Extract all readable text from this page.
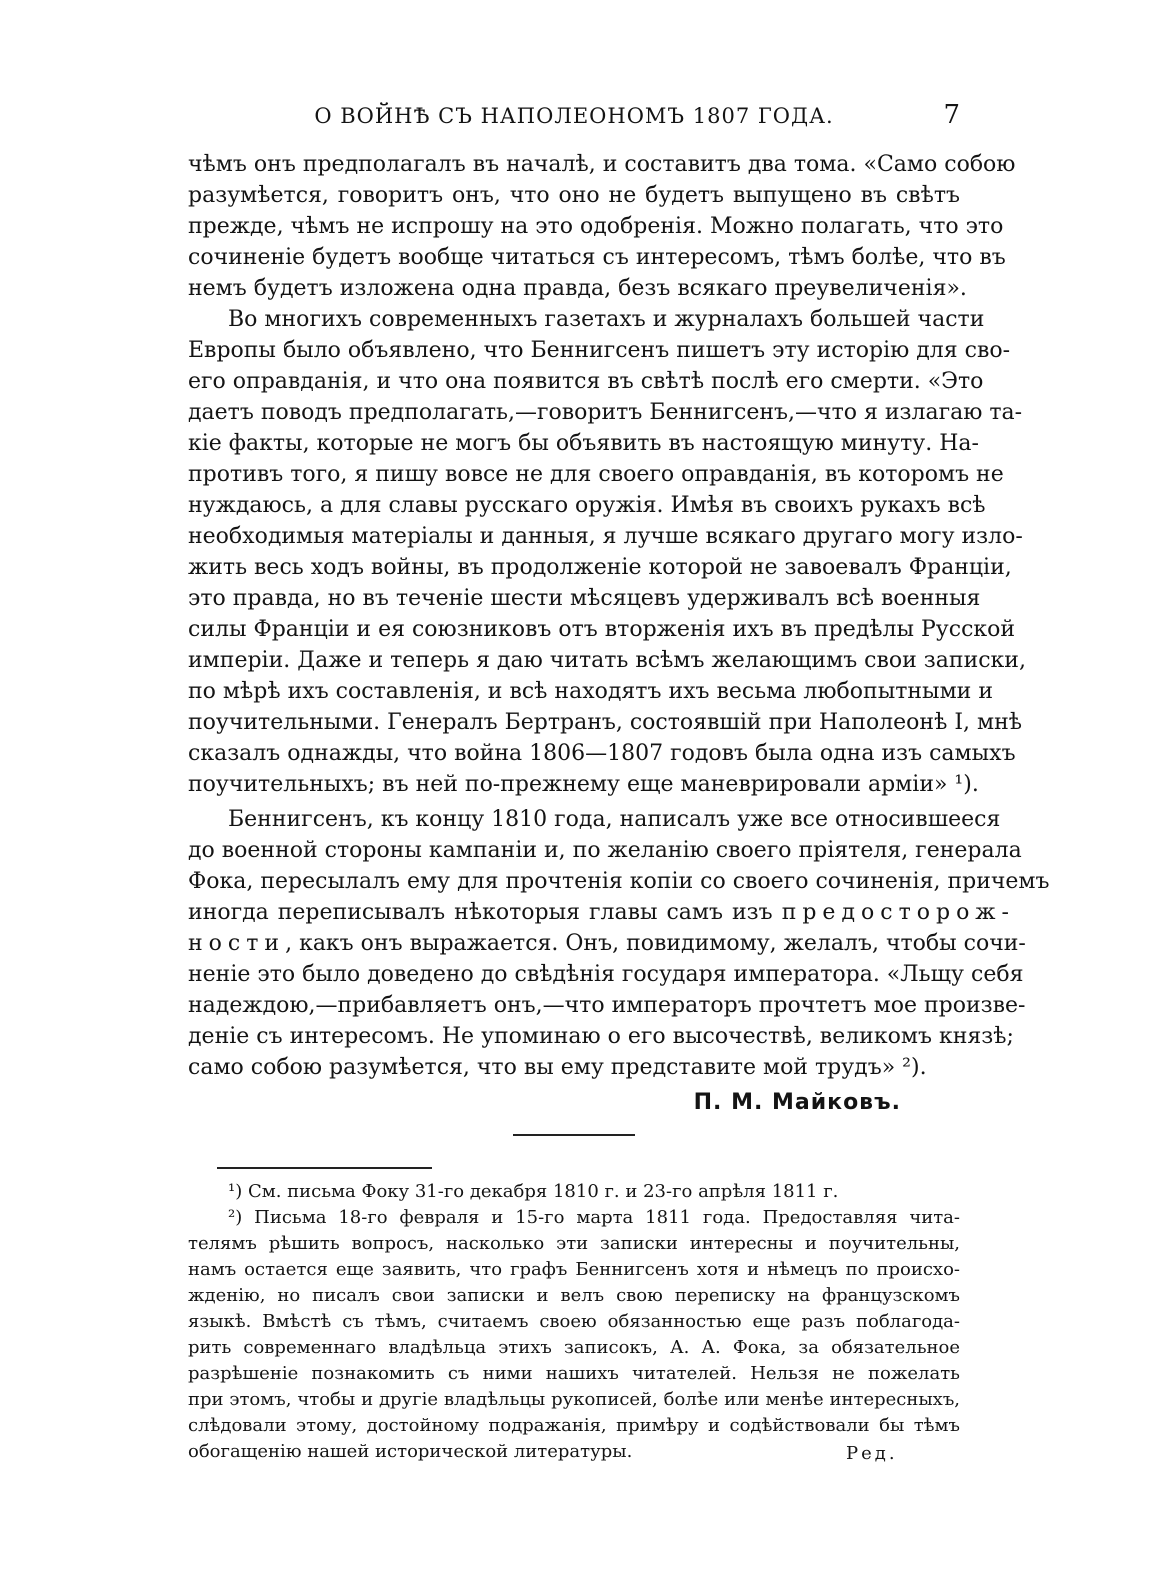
О ВОЙНѢ СЪ НАПОЛЕОНОМЪ 1807 ГОДА.	7
чѣмъ онъ предполагалъ въ началѣ, и составитъ два тома. «Само собою
разумѣется, говоритъ онъ, что оно не будетъ выпущено въ свѣтъ
прежде, чѣмъ не испрошу на это одобренія. Можно полагать, что это
сочиненіе будетъ вообще читаться съ интересомъ, тѣмъ болѣе, что въ
немъ будетъ изложена одна правда, безъ всякаго преувеличенія».
Во многихъ современныхъ газетахъ и журналахъ большей части
Европы было объявлено, что Беннигсенъ пишетъ эту исторію для сво-
его оправданія, и что она появится въ свѣтѣ послѣ его смерти. «Это
даетъ поводъ предполагать,—говоритъ Беннигсенъ,—что я излагаю та-
кіе факты, которые не могъ бы объявить въ настоящую минуту. На-
противъ того, я пишу вовсе не для своего оправданія, въ которомъ не
нуждаюсь, а для славы русскаго оружія. Имѣя въ своихъ рукахъ всѣ
необходимыя матеріалы и данныя, я лучше всякаго другаго могу изло-
жить весь ходъ войны, въ продолженіе которой не завоевалъ Франціи,
это правда, но въ теченіе шести мѣсяцевъ удерживалъ всѣ военныя
силы Франціи и ея союзниковъ отъ вторженія ихъ въ предѣлы Русской
имперіи. Даже и теперь я даю читать всѣмъ желающимъ свои записки,
по мѣрѣ ихъ составленія, и всѣ находятъ ихъ весьма любопытными и
поучительными. Генералъ Бертранъ, состоявшій при Наполеонѣ I, мнѣ
сказалъ однажды, что война 1806—1807 годовъ была одна изъ самыхъ
поучительныхъ; въ ней по-прежнему еще маневрировали арміи» ¹).
Беннигсенъ, къ концу 1810 года, написалъ уже все относившееся
до военной стороны кампаніи и, по желанію своего пріятеля, генерала
Фока, пересылалъ ему для прочтенія копіи со своего сочиненія, причемъ
иногда переписывалъ нѣкоторыя главы самъ изъ предосторож-
ности, какъ онъ выражается. Онъ, повидимому, желалъ, чтобы сочи-
неніе это было доведено до свѣдѣнія государя императора. «Льщу себя
надеждою,—прибавляетъ онъ,—что императоръ прочтетъ мое произве-
деніе съ интересомъ. Не упоминаю о его высочествѣ, великомъ князѣ;
само собою разумѣется, что вы ему представите мой трудъ» ²).
П. М. Майковъ.
¹) См. письма Фоку 31-го декабря 1810 г. и 23-го апрѣля 1811 г.
²) Письма 18-го февраля и 15-го марта 1811 года. Предоставляя чита-
телямъ рѣшить вопросъ, насколько эти записки интересны и поучительны,
намъ остается еще заявить, что графъ Беннигсенъ хотя и нѣмецъ по происхо-
жденію, но писалъ свои записки и велъ свою переписку на французскомъ
языкѣ. Вмѣстѣ съ тѣмъ, считаемъ своею обязанностью еще разъ поблагода-
рить современнаго владѣльца этихъ записокъ, А. А. Фока, за обязательное
разрѣшеніе познакомить съ ними нашихъ читателей. Нельзя не пожелать
при этомъ, чтобы и другіе владѣльцы рукописей, болѣе или менѣе интересныхъ,
слѣдовали этому, достойному подражанія, примѣру и содѣйствовали бы тѣмъ
обогащенію нашей исторической литературы.	Ред.
